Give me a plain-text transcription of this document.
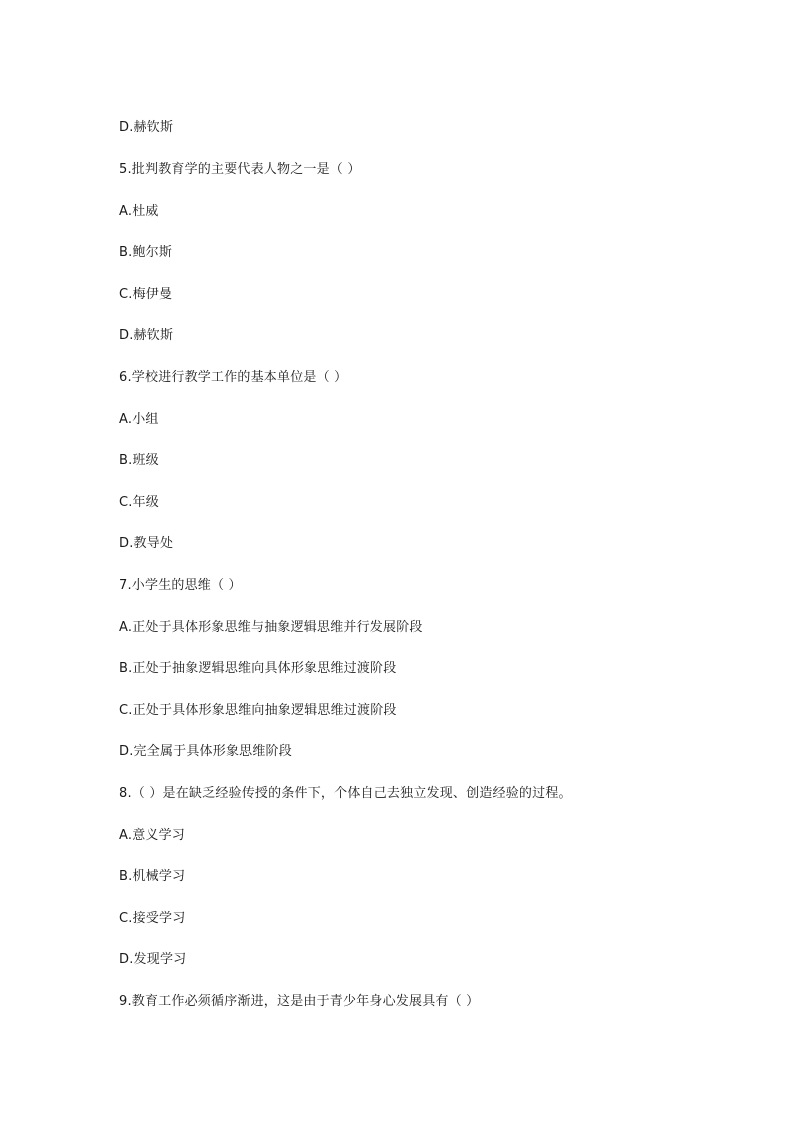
D.赫钦斯
5.批判教育学的主要代表人物之一是（ ）
A.杜威
B.鲍尔斯
C.梅伊曼
D.赫钦斯
6.学校进行教学工作的基本单位是（ ）
A.小组
B.班级
C.年级
D.教导处
7.小学生的思维（ ）
A.正处于具体形象思维与抽象逻辑思维并行发展阶段
B.正处于抽象逻辑思维向具体形象思维过渡阶段
C.正处于具体形象思维向抽象逻辑思维过渡阶段
D.完全属于具体形象思维阶段
8.（ ）是在缺乏经验传授的条件下，个体自己去独立发现、创造经验的过程。
A.意义学习
B.机械学习
C.接受学习
D.发现学习
9.教育工作必须循序渐进，这是由于青少年身心发展具有（ ）
